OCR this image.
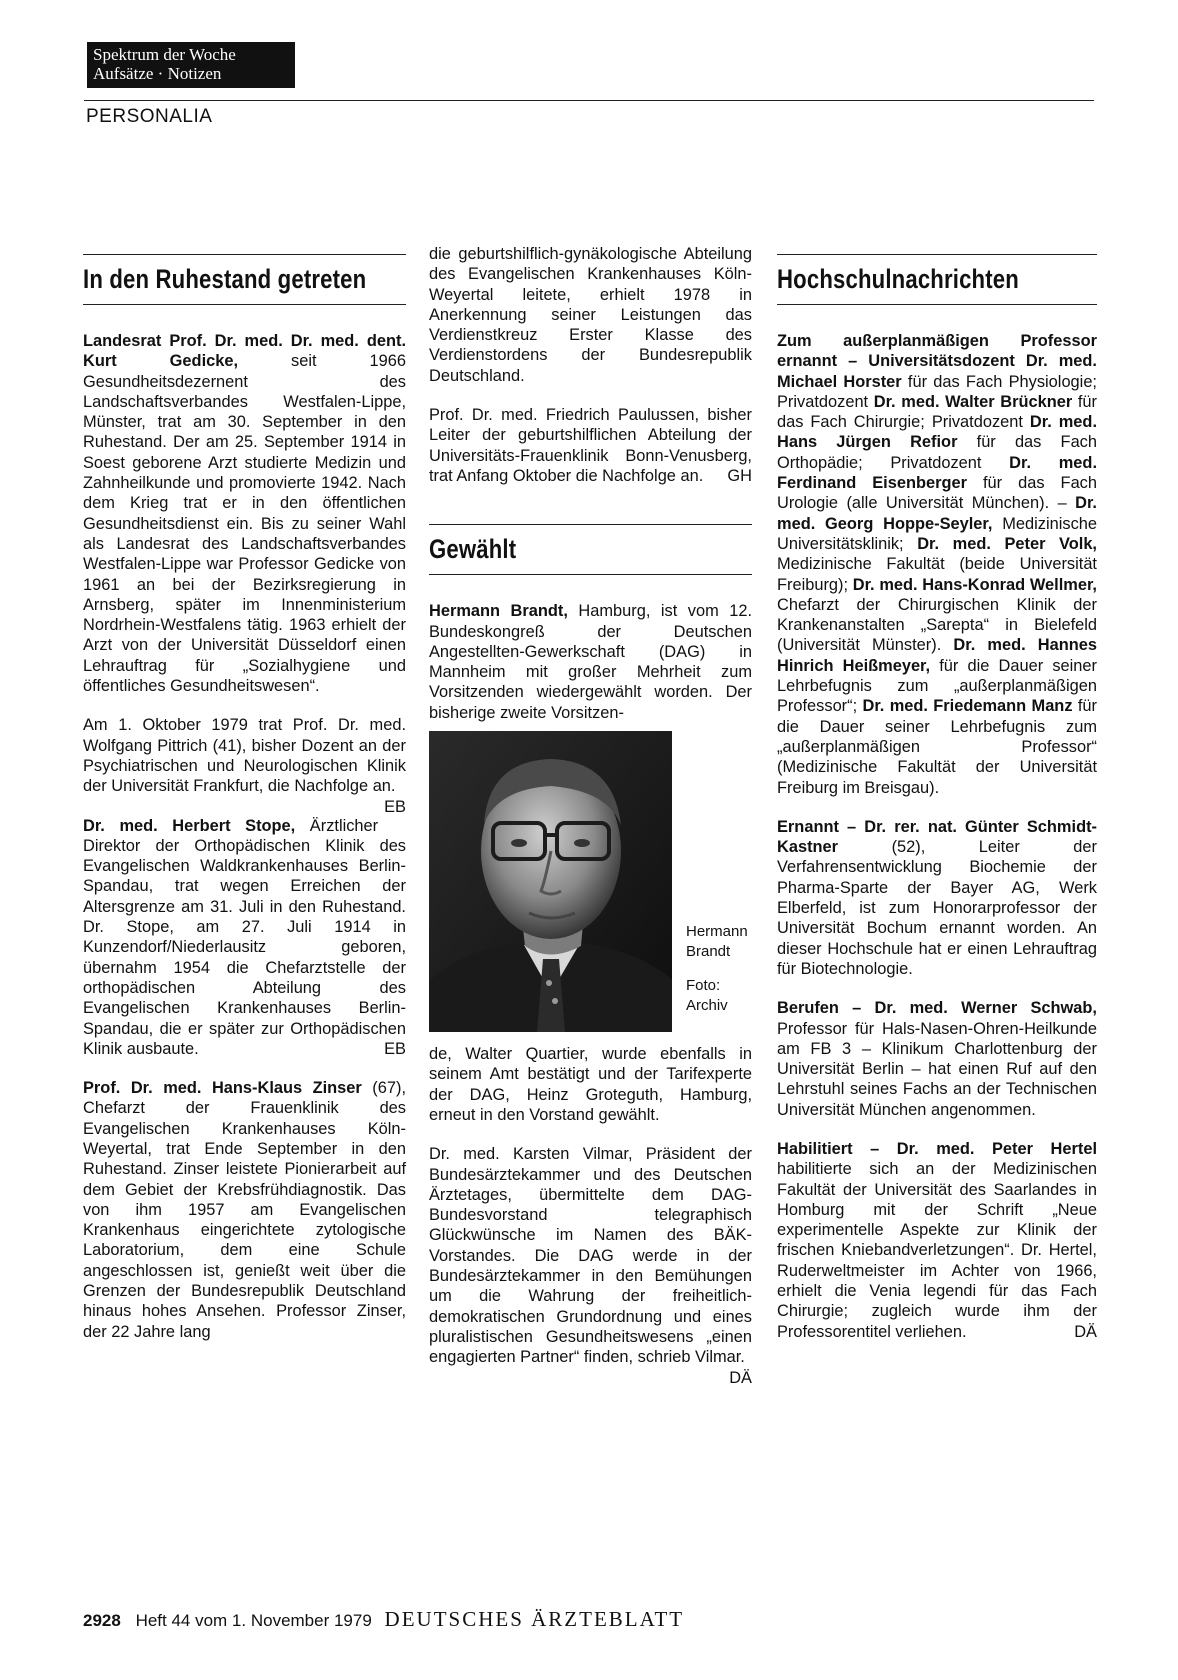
Spektrum der Woche
Aufsätze · Notizen
PERSONALIA
In den Ruhestand getreten

Landesrat Prof. Dr. med. Dr. med. dent. Kurt Gedicke, seit 1966 Gesundheitsdezernent des Landschaftsverbandes Westfalen-Lippe, Münster, trat am 30. September in den Ruhestand. Der am 25. September 1914 in Soest geborene Arzt studierte Medizin und Zahnheilkunde und promovierte 1942. Nach dem Krieg trat er in den öffentlichen Gesundheitsdienst ein. Bis zu seiner Wahl als Landesrat des Landschaftsverbandes Westfalen-Lippe war Professor Gedicke von 1961 an bei der Bezirksregierung in Arnsberg, später im Innenministerium Nordrhein-Westfalens tätig. 1963 erhielt der Arzt von der Universität Düsseldorf einen Lehrauftrag für „Sozialhygiene und öffentliches Gesundheitswesen“.

Am 1. Oktober 1979 trat Prof. Dr. med. Wolfgang Pittrich (41), bisher Dozent an der Psychiatrischen und Neurologischen Klinik der Universität Frankfurt, die Nachfolge an.
EB

Dr. med. Herbert Stope, Ärztlicher Direktor der Orthopädischen Klinik des Evangelischen Waldkrankenhauses Berlin-Spandau, trat wegen Erreichen der Altersgrenze am 31. Juli in den Ruhestand. Dr. Stope, am 27. Juli 1914 in Kunzendorf/Niederlausitz geboren, übernahm 1954 die Chefarztstelle der orthopädischen Abteilung des Evangelischen Krankenhauses Berlin-Spandau, die er später zur Orthopädischen Klinik ausbaute.	EB

Prof. Dr. med. Hans-Klaus Zinser (67), Chefarzt der Frauenklinik des Evangelischen Krankenhauses Köln-Weyertal, trat Ende September in den Ruhestand. Zinser leistete Pionierarbeit auf dem Gebiet der Krebsfrühdiagnostik. Das von ihm 1957 am Evangelischen Krankenhaus eingerichtete zytologische Laboratorium, dem eine Schule angeschlossen ist, genießt weit über die Grenzen der Bundesrepublik Deutschland hinaus hohes Ansehen. Professor Zinser, der 22 Jahre lang

die geburtshilflich-gynäkologische Abteilung des Evangelischen Krankenhauses Köln-Weyertal leitete, erhielt 1978 in Anerkennung seiner Leistungen das Verdienstkreuz Erster Klasse des Verdienstordens der Bundesrepublik Deutschland.

Prof. Dr. med. Friedrich Paulussen, bisher Leiter der geburtshilflichen Abteilung der Universitäts-Frauenklinik Bonn-Venusberg, trat Anfang Oktober die Nachfolge an. GH

Gewählt

Hermann Brandt, Hamburg, ist vom 12. Bundeskongreß der Deutschen Angestellten-Gewerkschaft (DAG) in Mannheim mit großer Mehrheit zum Vorsitzenden wiedergewählt worden. Der bisherige zweite Vorsitzen-

Hermann
Brandt
Foto:
Archiv

de, Walter Quartier, wurde ebenfalls in seinem Amt bestätigt und der Tarifexperte der DAG, Heinz Groteguth, Hamburg, erneut in den Vorstand gewählt.

Dr. med. Karsten Vilmar, Präsident der Bundesärztekammer und des Deutschen Ärztetages, übermittelte dem DAG-Bundesvorstand telegraphisch Glückwünsche im Namen des BÄK-Vorstandes. Die DAG werde in der Bundesärztekammer in den Bemühungen um die Wahrung der freiheitlich-demokratischen Grundordnung und eines pluralistischen Gesundheitswesens „einen engagierten Partner“ finden, schrieb Vilmar.
DÄ

Hochschulnachrichten

Zum außerplanmäßigen Professor ernannt – Universitätsdozent Dr. med. Michael Horster für das Fach Physiologie; Privatdozent Dr. med. Walter Brückner für das Fach Chirurgie; Privatdozent Dr. med. Hans Jürgen Refior für das Fach Orthopädie; Privatdozent Dr. med. Ferdinand Eisenberger für das Fach Urologie (alle Universität München). – Dr. med. Georg Hoppe-Seyler, Medizinische Universitätsklinik; Dr. med. Peter Volk, Medizinische Fakultät (beide Universität Freiburg); Dr. med. Hans-Konrad Wellmer, Chefarzt der Chirurgischen Klinik der Krankenanstalten „Sarepta“ in Bielefeld (Universität Münster). Dr. med. Hannes Hinrich Heißmeyer, für die Dauer seiner Lehrbefugnis zum „außerplanmäßigen Professor“; Dr. med. Friedemann Manz für die Dauer seiner Lehrbefugnis zum „außerplanmäßigen Professor“ (Medizinische Fakultät der Universität Freiburg im Breisgau).

Ernannt – Dr. rer. nat. Günter Schmidt-Kastner (52), Leiter der Verfahrensentwicklung Biochemie der Pharma-Sparte der Bayer AG, Werk Elberfeld, ist zum Honorarprofessor der Universität Bochum ernannt worden. An dieser Hochschule hat er einen Lehrauftrag für Biotechnologie.

Berufen – Dr. med. Werner Schwab, Professor für Hals-Nasen-Ohren-Heilkunde am FB 3 – Klinikum Charlottenburg der Universität Berlin – hat einen Ruf auf den Lehrstuhl seines Fachs an der Technischen Universität München angenommen.

Habilitiert – Dr. med. Peter Hertel habilitierte sich an der Medizinischen Fakultät der Universität des Saarlandes in Homburg mit der Schrift „Neue experimentelle Aspekte zur Klinik der frischen Kniebandverletzungen“. Dr. Hertel, Ruderweltmeister im Achter von 1966, erhielt die Venia legendi für das Fach Chirurgie; zugleich wurde ihm der Professorentitel verliehen.	DÄ

2928 Heft 44 vom 1. November 1979 DEUTSCHES ÄRZTEBLATT
